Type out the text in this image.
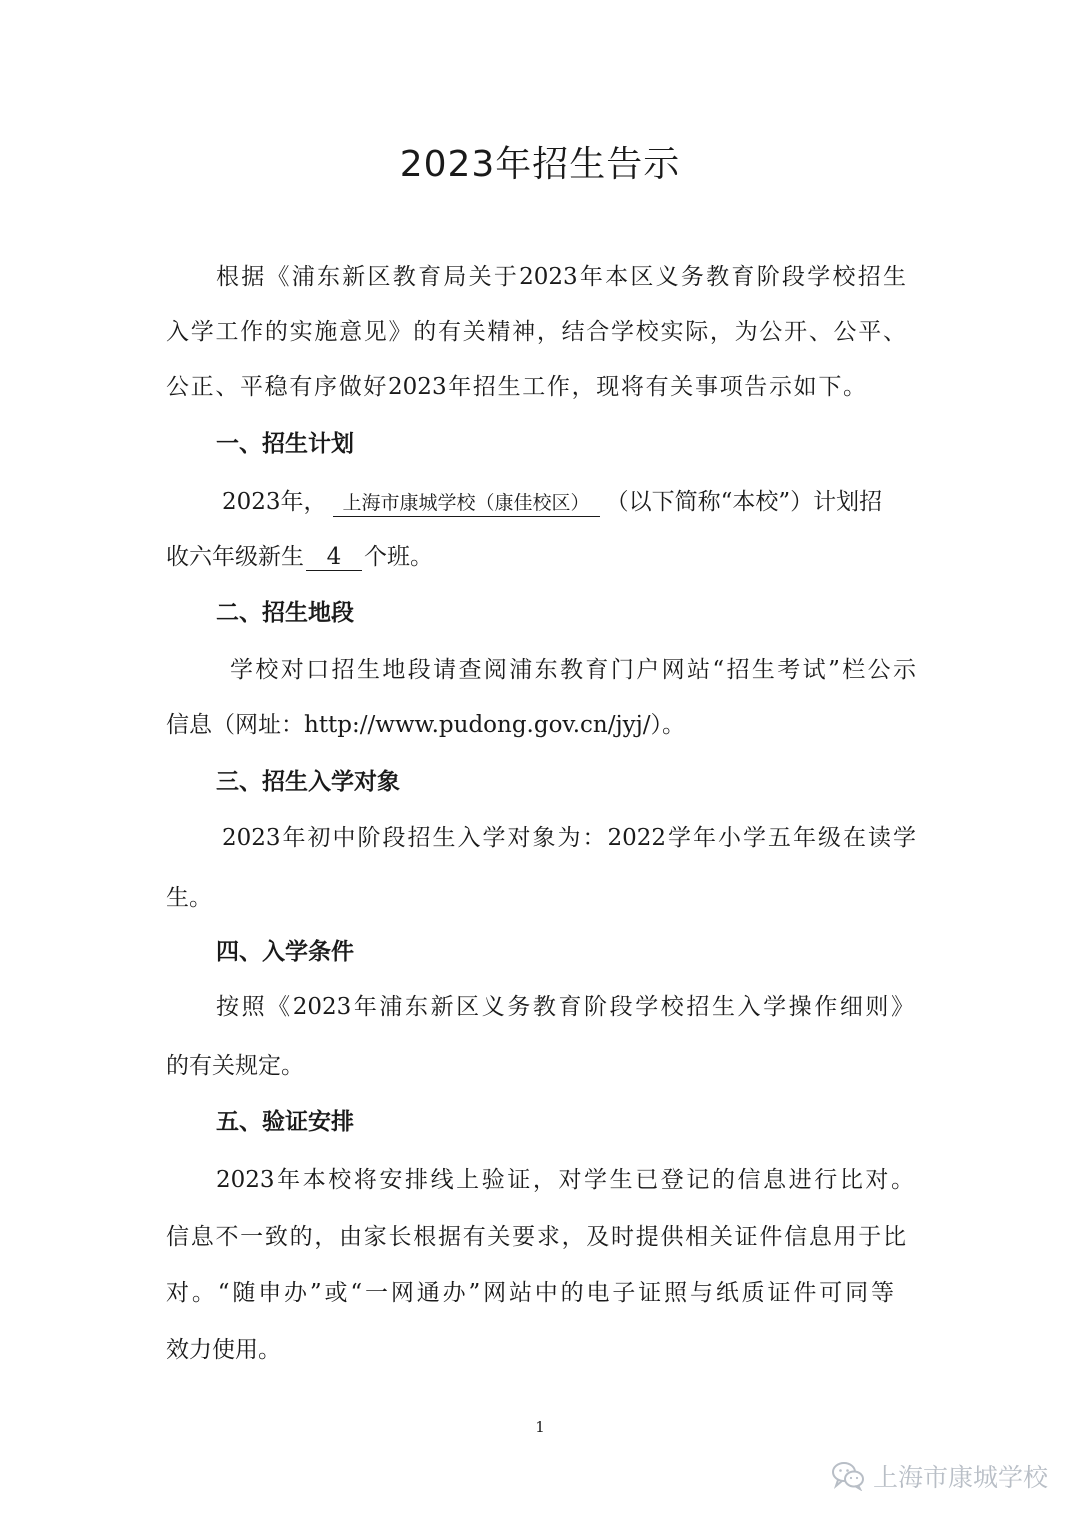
2023年招生告示

根据《浦东新区教育局关于2023年本区义务教育阶段学校招生

入学工作的实施意见》的有关精神，结合学校实际，为公开、公平、

公正、平稳有序做好2023年招生工作，现将有关事项告示如下。

一、招生计划

2023年， 上海市康城学校（康佳校区） （以下简称“本校”）计划招

收六年级新生 4 个班。

二、招生地段

学校对口招生地段请查阅浦东教育门户网站“招生考试”栏公示

信息（网址：http://www.pudong.gov.cn/jyj/）。

三、招生入学对象

2023年初中阶段招生入学对象为：2022学年小学五年级在读学

生。

四、入学条件

按照《2023年浦东新区义务教育阶段学校招生入学操作细则》

的有关规定。

五、验证安排

2023年本校将安排线上验证，对学生已登记的信息进行比对。

信息不一致的，由家长根据有关要求，及时提供相关证件信息用于比

对。“随申办”或“一网通办”网站中的电子证照与纸质证件可同等

效力使用。

1
上海市康城学校
